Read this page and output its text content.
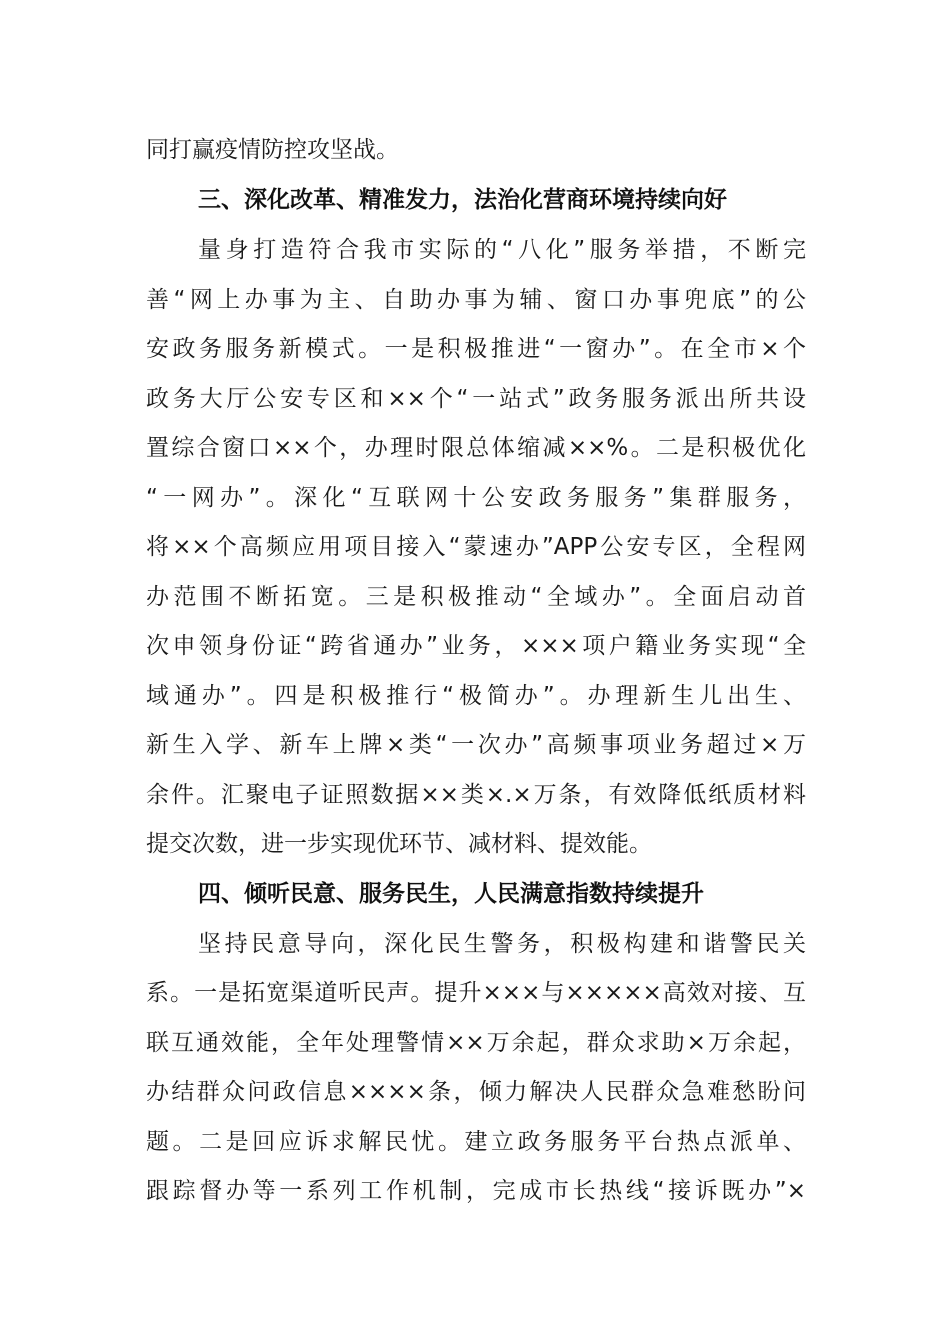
同打赢疫情防控攻坚战。
三、深化改革、精准发力，法治化营商环境持续向好
量身打造符合我市实际的“八化”服务举措，不断完
善“网上办事为主、自助办事为辅、窗口办事兜底”的公
安政务服务新模式。一是积极推进“一窗办”。在全市×个
政务大厅公安专区和××个“一站式”政务服务派出所共设
置综合窗口××个，办理时限总体缩减××%。二是积极优化
“一网办”。深化“互联网十公安政务服务”集群服务，
将××个高频应用项目接入“蒙速办”APP公安专区，全程网
办范围不断拓宽。三是积极推动“全域办”。全面启动首
次申领身份证“跨省通办”业务，×××项户籍业务实现“全
域通办”。四是积极推行“极简办”。办理新生儿出生、
新生入学、新车上牌×类“一次办”高频事项业务超过×万
余件。汇聚电子证照数据××类×.×万条，有效降低纸质材料
提交次数，进一步实现优环节、减材料、提效能。
四、倾听民意、服务民生，人民满意指数持续提升
坚持民意导向，深化民生警务，积极构建和谐警民关
系。一是拓宽渠道听民声。提升×××与×××××高效对接、互
联互通效能，全年处理警情××万余起，群众求助×万余起，
办结群众问政信息××××条，倾力解决人民群众急难愁盼问
题。二是回应诉求解民忧。建立政务服务平台热点派单、
跟踪督办等一系列工作机制，完成市长热线“接诉既办”×
